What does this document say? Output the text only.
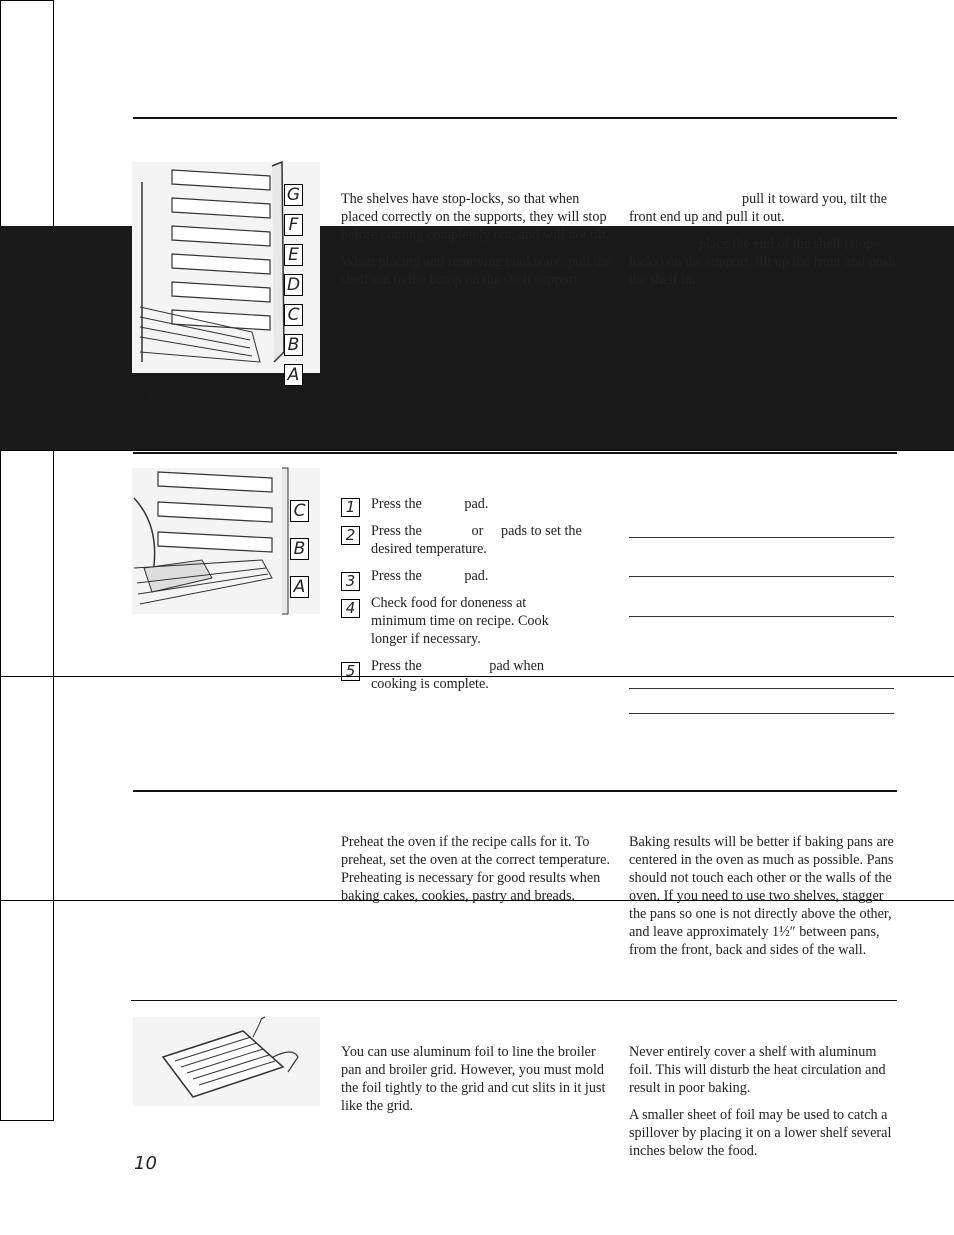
G
F
E
D
C
B
A
″	″

The shelves have stop-locks, so that when placed correctly on the supports, they will stop before coming completely out, and will not tilt.

When placing and removing cookware, pull the shelf out to the bump on the shelf support.

pull it toward you, tilt the front end up and pull it out.

place the end of the shelf (stop-locks) on the support, tilt up the front and push the shelf in.

C
B
A
1	Press the            pad.
2	Press the              or     pads to set the desired temperature.
3	Press the            pad.
4	Check food for doneness at minimum time on recipe. Cook longer if necessary.
5	Press the                   pad when cooking is complete.
Preheat the oven if the recipe calls for it. To preheat, set the oven at the correct temperature. Preheating is necessary for good results when baking cakes, cookies, pastry and breads.
Baking results will be better if baking pans are centered in the oven as much as possible. Pans should not touch each other or the walls of the oven. If you need to use two shelves, stagger the pans so one is not directly above the other, and leave approximately 1½″ between pans, from the front, back and sides of the wall.
You can use aluminum foil to line the broiler pan and broiler grid. However, you must mold the foil tightly to the grid and cut slits in it just like the grid.

Never entirely cover a shelf with aluminum foil. This will disturb the heat circulation and result in poor baking.

A smaller sheet of foil may be used to catch a spillover by placing it on a lower shelf several inches below the food.

10
